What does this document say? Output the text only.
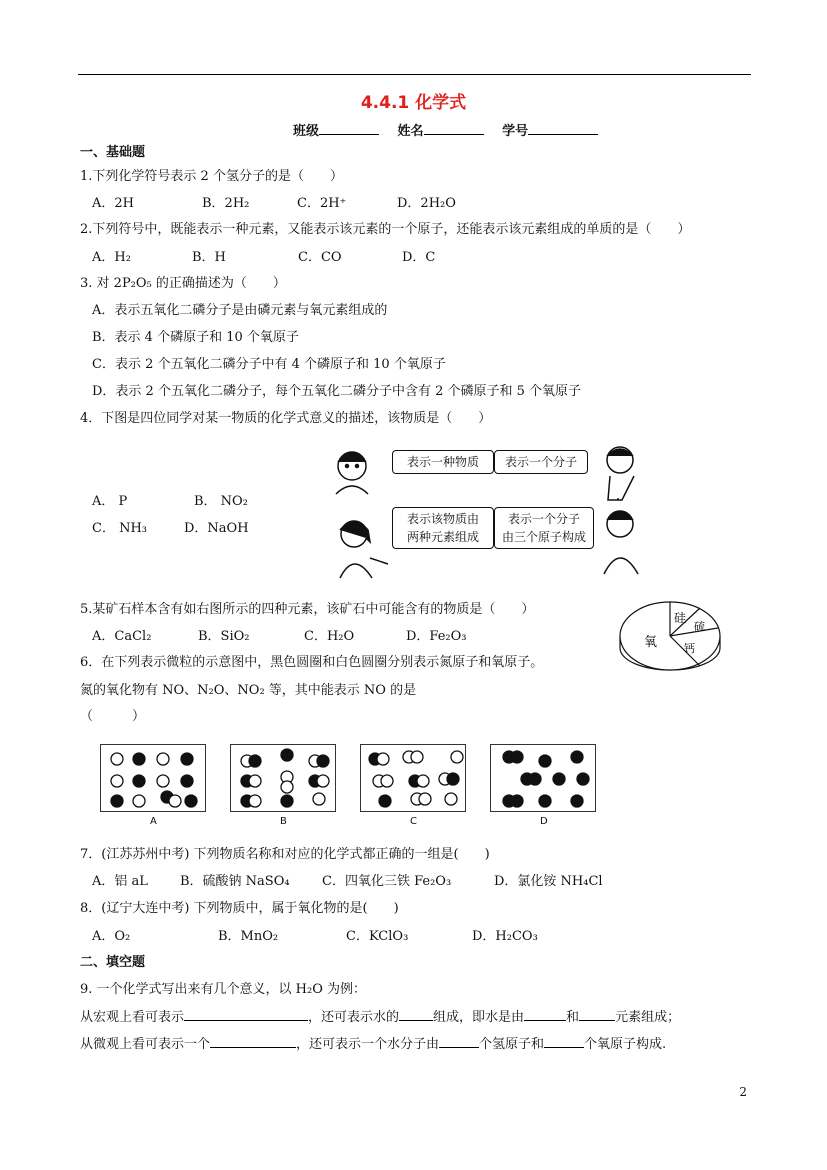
4.4.1 化学式
班级	姓名	学号
一、基础题
1.下列化学符号表示 2 个氢分子的是（　　）
A．2H	B．2H₂	C．2H⁺	D．2H₂O
2.下列符号中，既能表示一种元素，又能表示该元素的一个原子，还能表示该元素组成的单质的是（　　）
A．H₂	B．H	C．CO	D．C
3. 对 2P₂O₅ 的正确描述为（　　）
A．表示五氧化二磷分子是由磷元素与氧元素组成的
B．表示 4 个磷原子和 10 个氧原子
C．表示 2 个五氧化二磷分子中有 4 个磷原子和 10 个氧原子
D．表示 2 个五氧化二磷分子，每个五氧化二磷分子中含有 2 个磷原子和 5 个氧原子
4．下图是四位同学对某一物质的化学式意义的描述，该物质是（　　）
A． P	B． NO₂
C． NH₃	D．NaOH
表示一种物质	表示一个分子
表示该物质由
两种元素组成
表示一个分子
由三个原子构成
5.某矿石样本含有如右图所示的四种元素，该矿石中可能含有的物质是（　　）
A．CaCl₂	B．SiO₂	C．H₂O	D．Fe₂O₃	氧
硅
硫
钙
6．在下列表示微粒的示意图中，黑色圆圈和白色圆圈分别表示氮原子和氧原子。
氮的氧化物有 NO、N₂O、NO₂ 等，其中能表示 NO 的是
（　　　）
A	B	C	D
7．(江苏苏州中考) 下列物质名称和对应的化学式都正确的一组是(　　)
A．铝 aL B．硫酸钠 NaSO₄ C．四氧化三铁 Fe₂O₃	D．氯化铵 NH₄Cl
8．(辽宁大连中考) 下列物质中，属于氧化物的是(　　)
A．O₂	B．MnO₂	C．KClO₃	D．H₂CO₃
二、填空题
9. 一个化学式写出来有几个意义，以 H₂O 为例：
从宏观上看可表示	，还可表示水的	组成，即水是由	和	元素组成；
从微观上看可表示一个	，还可表示一个水分子由	个氢原子和	个氧原子构成.
2
